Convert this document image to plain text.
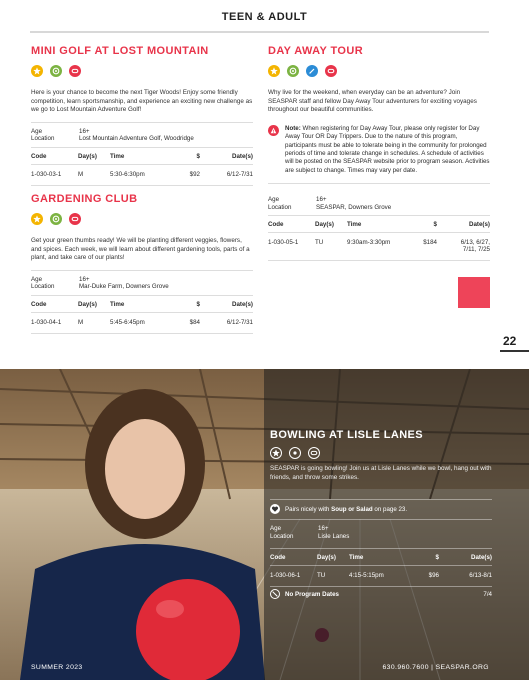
TEEN & ADULT
MINI GOLF AT LOST MOUNTAIN
Here is your chance to become the next Tiger Woods! Enjoy some friendly competition, learn sportsmanship, and experience an exciting new challenge as we go to Lost Mountain Adventure Golf!
Age	16+
Location	Lost Mountain Adventure Golf, Woodridge
Code	Day(s)	Time	$	Date(s)
1-030-03-1	M	5:30-6:30pm	$92	6/12-7/31
GARDENING CLUB
Get your green thumbs ready! We will be planting different veggies, flowers, and spices. Each week, we will learn about different gardening tools, parts of a plant, and take care of our plants!
Age	16+
Location	Mar-Duke Farm, Downers Grove
Code	Day(s)	Time	$	Date(s)
1-030-04-1	M	5:45-6:45pm	$84	6/12-7/31
DAY AWAY TOUR
Why live for the weekend, when everyday can be an adventure? Join SEASPAR staff and fellow Day Away Tour adventurers for exciting voyages throughout our beautiful communities.
Note: When registering for Day Away Tour, please only register for Day Away Tour OR Day Trippers. Due to the nature of this program, participants must be able to tolerate being in the community for prolonged periods of time and tolerate change in schedules. A schedule of activities will be posted on the SEASPAR website prior to program season. Activities are subject to change. Times may vary per date.
Age	16+
Location	SEASPAR, Downers Grove
Code	Day(s)	Time	$	Date(s)
1-030-05-1	TU	9:30am-3:30pm	$184	6/13, 6/27, 7/11, 7/25
22
BOWLING AT LISLE LANES
SEASPAR is going bowling! Join us at Lisle Lanes while we bowl, hang out with friends, and throw some strikes.
Pairs nicely with Soup or Salad on page 23.
Age	16+
Location	Lisle Lanes
Code	Day(s)	Time	$	Date(s)
1-030-06-1	TU	4:15-5:15pm	$96	6/13-8/1
No Program Dates	7/4
SUMMER 2023	630.960.7600 | SEASPAR.ORG
